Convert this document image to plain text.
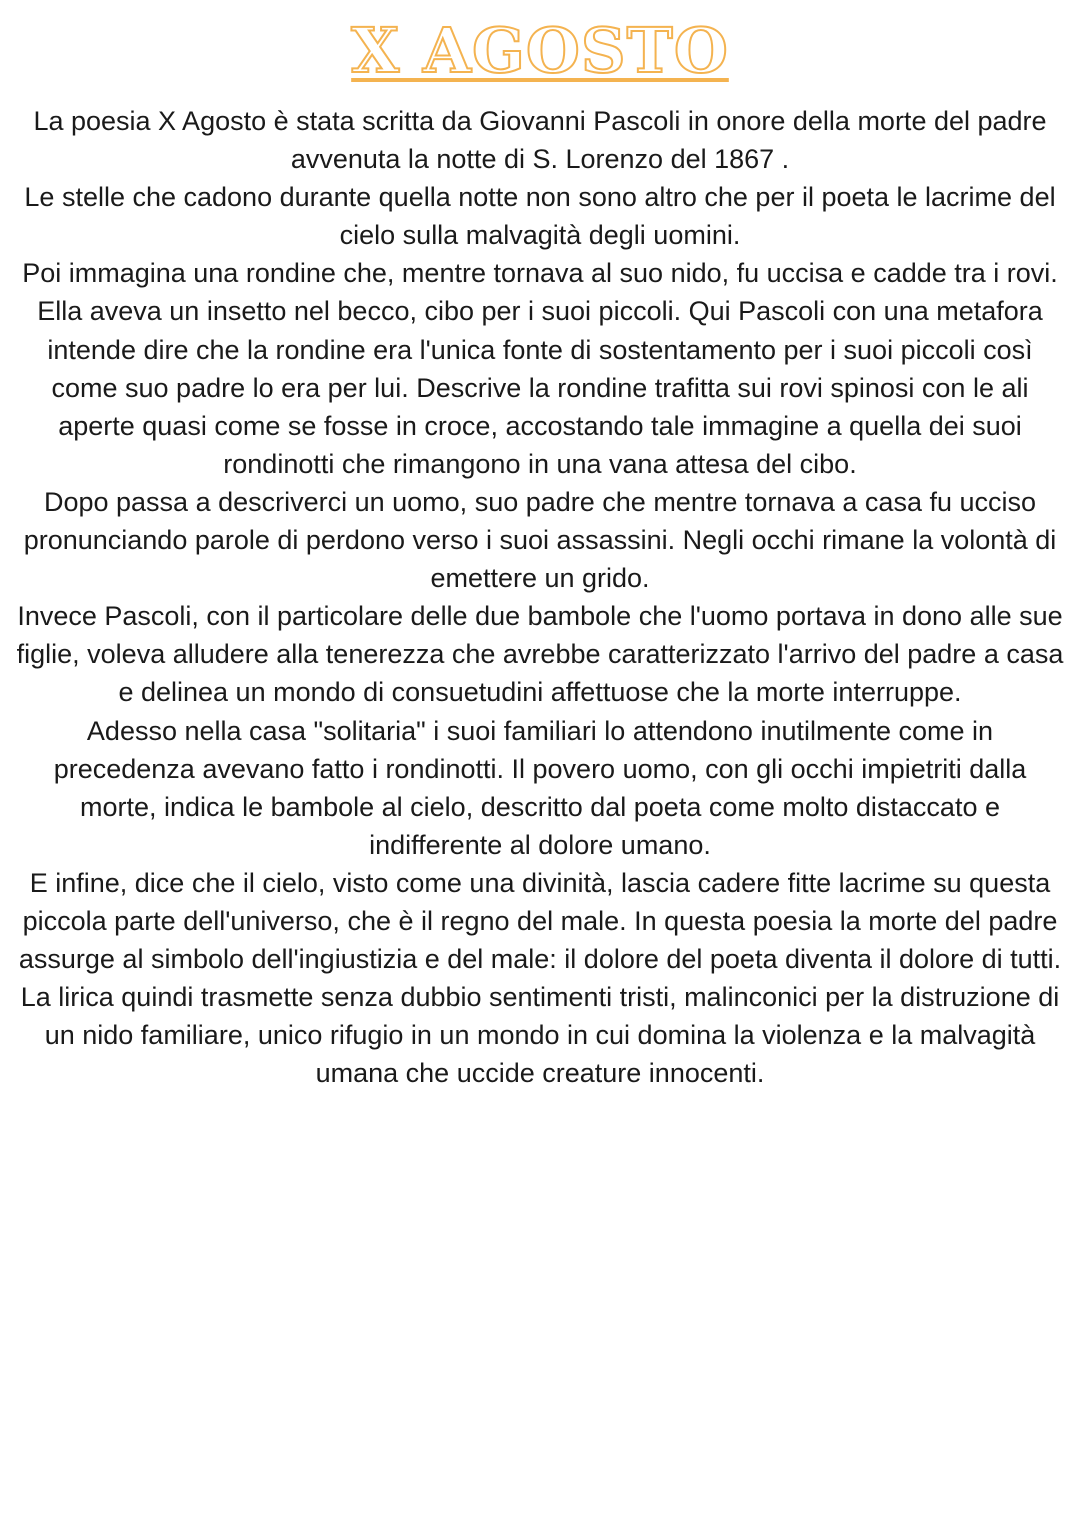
X AGOSTO

La poesia X Agosto è stata scritta da Giovanni Pascoli in onore della morte del padre avvenuta la notte di S. Lorenzo del 1867 .

Le stelle che cadono durante quella notte non sono altro che per il poeta le lacrime del cielo sulla malvagità degli uomini.

Poi immagina una rondine che, mentre tornava al suo nido, fu uccisa e cadde tra i rovi.

Ella aveva un insetto nel becco, cibo per i suoi piccoli. Qui Pascoli con una metafora intende dire che la rondine era l'unica fonte di sostentamento per i suoi piccoli così come suo padre lo era per lui. Descrive la rondine trafitta sui rovi spinosi con le ali aperte quasi come se fosse in croce, accostando tale immagine a quella dei suoi rondinotti che rimangono in una vana attesa del cibo.

Dopo passa a descriverci un uomo, suo padre che mentre tornava a casa fu ucciso pronunciando parole di perdono verso i suoi assassini. Negli occhi rimane la volontà di emettere un grido.

Invece Pascoli, con il particolare delle due bambole che l'uomo portava in dono alle sue figlie, voleva alludere alla tenerezza che avrebbe caratterizzato l'arrivo del padre a casa e delinea un mondo di consuetudini affettuose che la morte interruppe.

Adesso nella casa "solitaria" i suoi familiari lo attendono inutilmente come in precedenza avevano fatto i rondinotti. Il povero uomo, con gli occhi impietriti dalla morte, indica le bambole al cielo, descritto dal poeta come molto distaccato e indifferente al dolore umano.

E infine, dice che il cielo, visto come una divinità, lascia cadere fitte lacrime su questa piccola parte dell'universo, che è il regno del male. In questa poesia la morte del padre assurge al simbolo dell'ingiustizia e del male: il dolore del poeta diventa il dolore di tutti.

La lirica quindi trasmette senza dubbio sentimenti tristi, malinconici per la distruzione di un nido familiare, unico rifugio in un mondo in cui domina la violenza e la malvagità umana che uccide creature innocenti.
